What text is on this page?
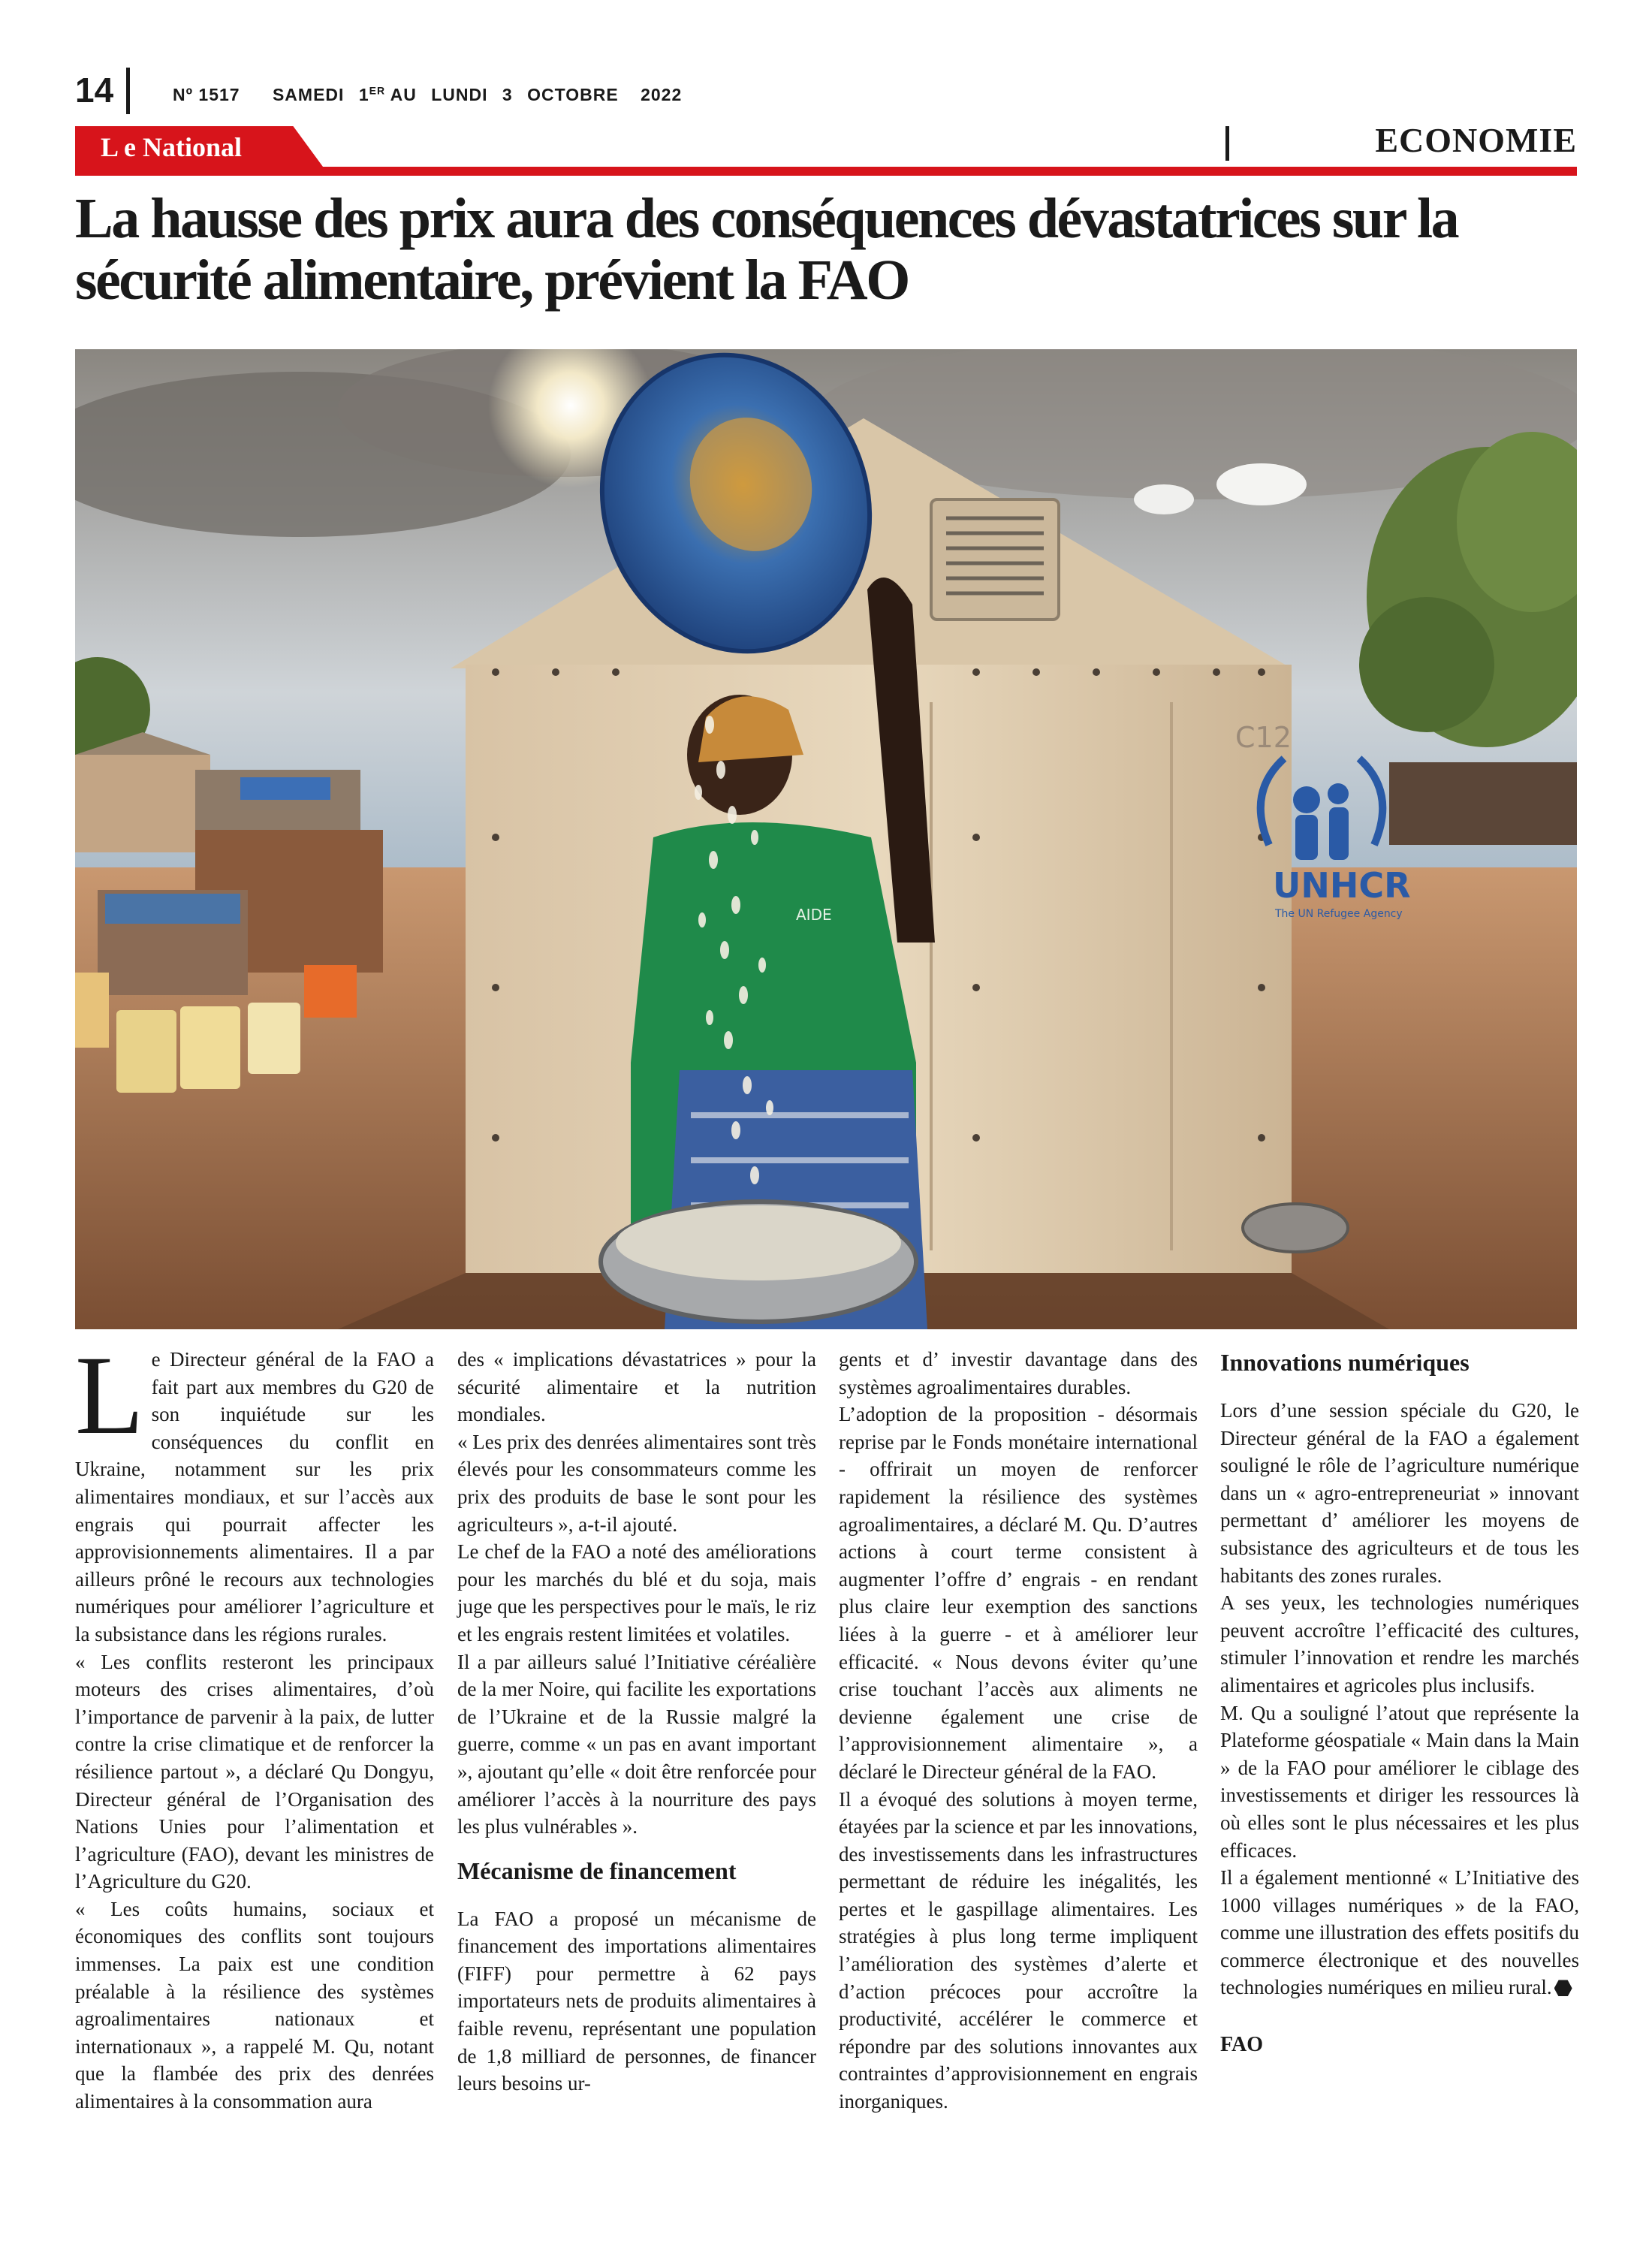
14	Nº 1517 SAMEDI 1ER AU LUNDI 3 OCTOBRE 2022
L e National	ECONOMIE
La hausse des prix aura des conséquences dévastatrices sur la sécurité alimentaire, prévient la FAO
C12
UNHCR
The UN Refugee Agency
AIDE

Le Directeur général de la FAO a fait part aux membres du G20 de son inquiétude sur les conséquences du conflit en Ukraine, notamment sur les prix alimentaires mondiaux, et sur l’accès aux engrais qui pourrait affecter les approvisionnements alimentaires. Il a par ailleurs prôné le recours aux technologies numériques pour améliorer l’agriculture et la subsistance dans les régions rurales.

« Les conflits resteront les principaux moteurs des crises alimentaires, d’où l’importance de parvenir à la paix, de lutter contre la crise climatique et de renforcer la résilience partout », a déclaré Qu Dongyu, Directeur général de l’Organisation des Nations Unies pour l’alimentation et l’agriculture (FAO), devant les ministres de l’Agriculture du G20.

« Les coûts humains, sociaux et économiques des conflits sont toujours immenses. La paix est une condition préalable à la résilience des systèmes agroalimentaires nationaux et internationaux », a rappelé M. Qu, notant que la flambée des prix des denrées alimentaires à la consommation aura

des « implications dévastatrices » pour la sécurité alimentaire et la nutrition mondiales.

« Les prix des denrées alimentaires sont très élevés pour les consommateurs comme les prix des produits de base le sont pour les agriculteurs », a-t-il ajouté.

Le chef de la FAO a noté des améliorations pour les marchés du blé et du soja, mais juge que les perspectives pour le maïs, le riz et les engrais restent limitées et volatiles.

Il a par ailleurs salué l’Initiative céréalière de la mer Noire, qui facilite les exportations de l’Ukraine et de la Russie malgré la guerre, comme « un pas en avant important », ajoutant qu’elle « doit être renforcée pour améliorer l’accès à la nourriture des pays les plus vulnérables ».

Mécanisme de financement

La FAO a proposé un mécanisme de financement des importations alimentaires (FIFF) pour permettre à 62 pays importateurs nets de produits alimentaires à faible revenu, représentant une population de 1,8 milliard de personnes, de financer leurs besoins ur-

gents et d’ investir davantage dans des systèmes agroalimentaires durables.

L’adoption de la proposition - désormais reprise par le Fonds monétaire international - offrirait un moyen de renforcer rapidement la résilience des systèmes agroalimentaires, a déclaré M. Qu. D’autres actions à court terme consistent à augmenter l’offre d’ engrais - en rendant plus claire leur exemption des sanctions liées à la guerre - et à améliorer leur efficacité. « Nous devons éviter qu’une crise touchant l’accès aux aliments ne devienne également une crise de l’approvisionnement alimentaire », a déclaré le Directeur général de la FAO.

Il a évoqué des solutions à moyen terme, étayées par la science et par les innovations, des investissements dans les infrastructures permettant de réduire les inégalités, les pertes et le gaspillage alimentaires. Les stratégies à plus long terme impliquent l’amélioration des systèmes d’alerte et d’action précoces pour accroître la productivité, accélérer le commerce et répondre par des solutions innovantes aux contraintes d’approvisionnement en engrais inorganiques.

Innovations numériques

Lors d’une session spéciale du G20, le Directeur général de la FAO a également souligné le rôle de l’agriculture numérique dans un « agro-entrepreneuriat » innovant permettant d’ améliorer les moyens de subsistance des agriculteurs et de tous les habitants des zones rurales.

A ses yeux, les technologies numériques peuvent accroître l’efficacité des cultures, stimuler l’innovation et rendre les marchés alimentaires et agricoles plus inclusifs.

M. Qu a souligné l’atout que représente la Plateforme géospatiale « Main dans la Main » de la FAO pour améliorer le ciblage des investissements et diriger les ressources là où elles sont le plus nécessaires et les plus efficaces.

Il a également mentionné « L’Initiative des 1000 villages numériques » de la FAO, comme une illustration des effets positifs du commerce électronique et des nouvelles technologies numériques en milieu rural.

FAO
